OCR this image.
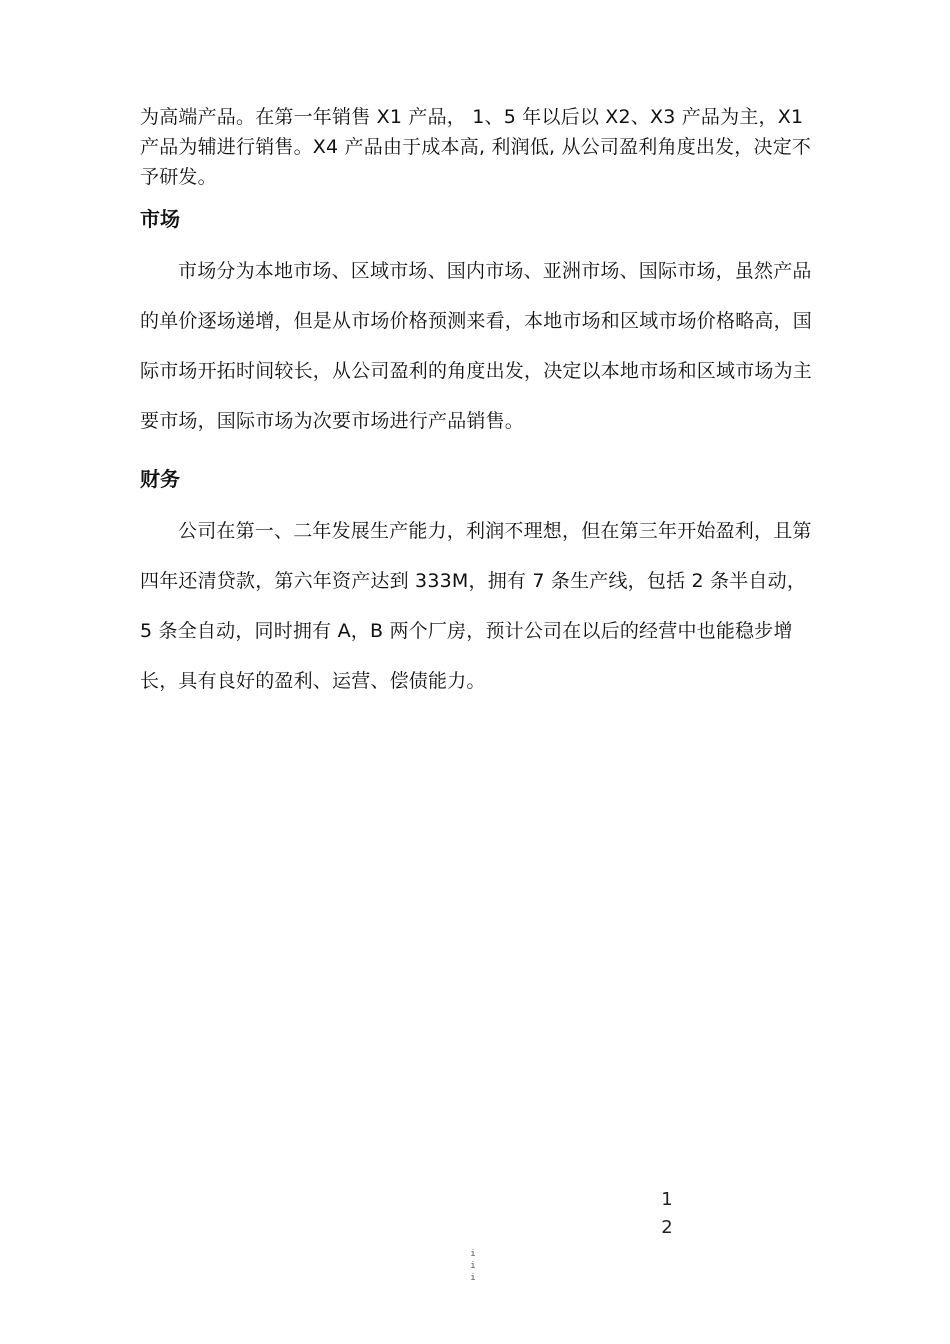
为高端产品。在第一年销售 X1 产品， 1、5 年以后以 X2、X3 产品为主，X1 产品为辅进行销售。X4 产品由于成本高, 利润低, 从公司盈利角度出发，决定不予研发。

市场

市场分为本地市场、区域市场、国内市场、亚洲市场、国际市场，虽然产品的单价逐场递增，但是从市场价格预测来看，本地市场和区域市场价格略高，国际市场开拓时间较长，从公司盈利的角度出发，决定以本地市场和区域市场为主要市场，国际市场为次要市场进行产品销售。

财务

公司在第一、二年发展生产能力，利润不理想，但在第三年开始盈利，且第四年还清贷款，第六年资产达到 333M，拥有 7 条生产线，包括 2 条半自动，5 条全自动，同时拥有 A，B 两个厂房，预计公司在以后的经营中也能稳步增长，具有良好的盈利、运营、偿债能力。

1
2
i
i
i
